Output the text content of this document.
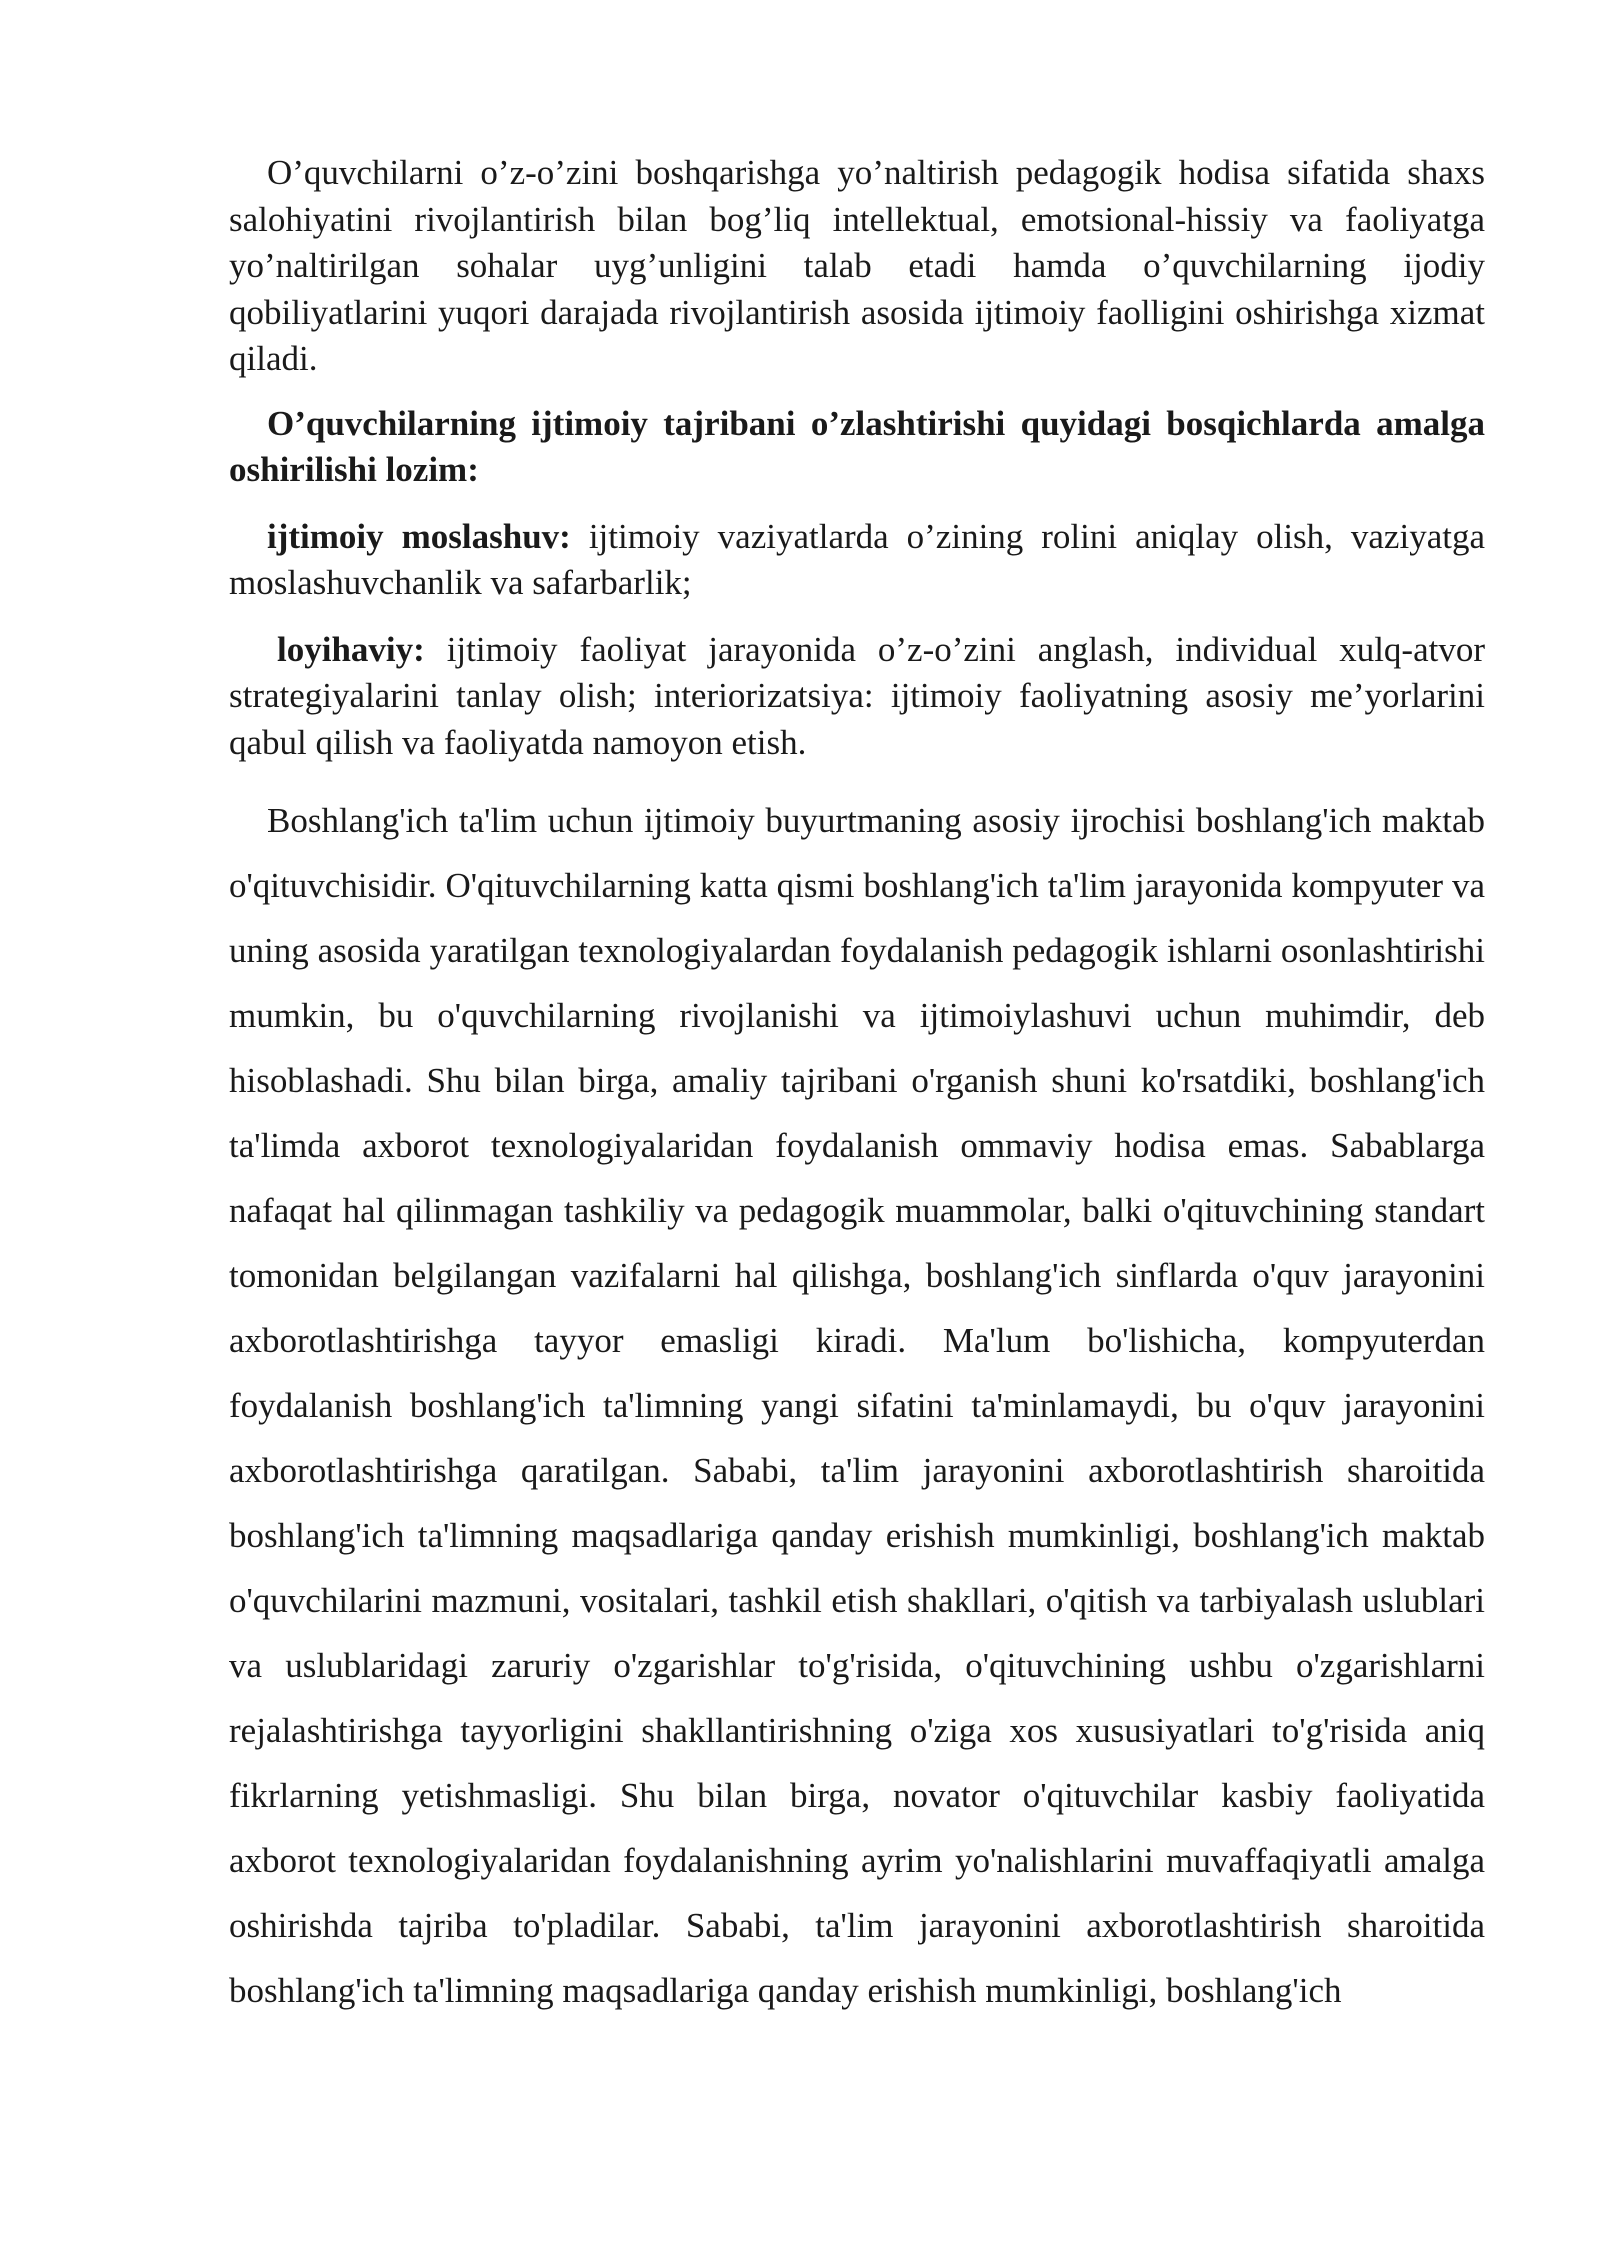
O’quvchilarni o’z-o’zini boshqarishga yo’naltirish pedagogik hodisa sifatida shaxs salohiyatini rivojlantirish bilan bog’liq intellektual, emotsional-hissiy va faoliyatga yo’naltirilgan sohalar uyg’unligini talab etadi hamda o’quvchilarning ijodiy qobiliyatlarini yuqori darajada rivojlantirish asosida ijtimoiy faolligini oshirishga xizmat qiladi.

O’quvchilarning ijtimoiy tajribani o’zlashtirishi quyidagi bosqichlarda amalga oshirilishi lozim:

ijtimoiy moslashuv: ijtimoiy vaziyatlarda o’zining rolini aniqlay olish, vaziyatga moslashuvchanlik va safarbarlik;

loyihaviy: ijtimoiy faoliyat jarayonida o’z-o’zini anglash, individual xulq-atvor strategiyalarini tanlay olish; interiorizatsiya: ijtimoiy faoliyatning asosiy me’yorlarini qabul qilish va faoliyatda namoyon etish.

Boshlang'ich ta'lim uchun ijtimoiy buyurtmaning asosiy ijrochisi boshlang'ich maktab o'qituvchisidir. O'qituvchilarning katta qismi boshlang'ich ta'lim jarayonida kompyuter va uning asosida yaratilgan texnologiyalardan foydalanish pedagogik ishlarni osonlashtirishi mumkin, bu o'quvchilarning rivojlanishi va ijtimoiylashuvi uchun muhimdir, deb hisoblashadi. Shu bilan birga, amaliy tajribani o'rganish shuni ko'rsatdiki, boshlang'ich ta'limda axborot texnologiyalaridan foydalanish ommaviy hodisa emas. Sabablarga nafaqat hal qilinmagan tashkiliy va pedagogik muammolar, balki o'qituvchining standart tomonidan belgilangan vazifalarni hal qilishga, boshlang'ich sinflarda o'quv jarayonini axborotlashtirishga tayyor emasligi kiradi. Ma'lum bo'lishicha, kompyuterdan foydalanish boshlang'ich ta'limning yangi sifatini ta'minlamaydi, bu o'quv jarayonini axborotlashtirishga qaratilgan. Sababi, ta'lim jarayonini axborotlashtirish sharoitida boshlang'ich ta'limning maqsadlariga qanday erishish mumkinligi, boshlang'ich maktab o'quvchilarini mazmuni, vositalari, tashkil etish shakllari, o'qitish va tarbiyalash uslublari va uslublaridagi zaruriy o'zgarishlar to'g'risida, o'qituvchining ushbu o'zgarishlarni rejalashtirishga tayyorligini shakllantirishning o'ziga xos xususiyatlari to'g'risida aniq fikrlarning yetishmasligi. Shu bilan birga, novator o'qituvchilar kasbiy faoliyatida axborot texnologiyalaridan foydalanishning ayrim yo'nalishlarini muvaffaqiyatli amalga oshirishda tajriba to'pladilar. Sababi, ta'lim jarayonini axborotlashtirish sharoitida boshlang'ich ta'limning maqsadlariga qanday erishish mumkinligi, boshlang'ich
